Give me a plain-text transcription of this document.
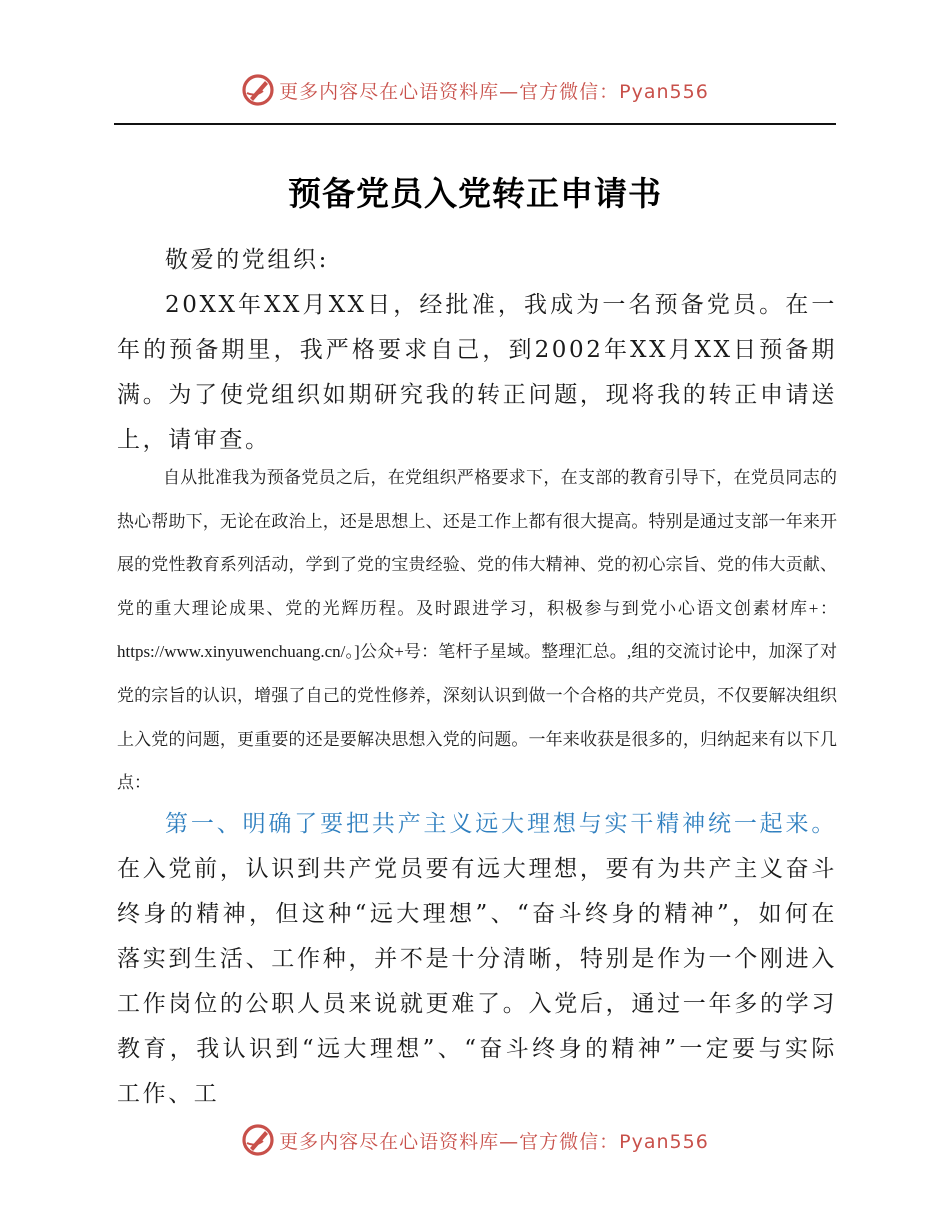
更多内容尽在心语资料库—官方微信：Pyan556
预备党员入党转正申请书

敬爱的党组织:

20XX年XX月XX日，经批准，我成为一名预备党员。在一年的预备期里，我严格要求自己，到2002年XX月XX日预备期满。为了使党组织如期研究我的转正问题，现将我的转正申请送上，请审查。

自从批准我为预备党员之后，在党组织严格要求下，在支部的教育引导下，在党员同志的热心帮助下，无论在政治上，还是思想上、还是工作上都有很大提高。特别是通过支部一年来开展的党性教育系列活动，学到了党的宝贵经验、党的伟大精神、党的初心宗旨、党的伟大贡献、党的重大理论成果、党的光辉历程。及时跟进学习，积极参与到党小心语文创素材库+：https://www.xinyuwenchuang.cn/。]公众+号：笔杆子星域。整理汇总。,组的交流讨论中，加深了对党的宗旨的认识，增强了自己的党性修养，深刻认识到做一个合格的共产党员，不仅要解决组织上入党的问题，更重要的还是要解决思想入党的问题。一年来收获是很多的，归纳起来有以下几点：

第一、明确了要把共产主义远大理想与实干精神统一起来。在入党前，认识到共产党员要有远大理想，要有为共产主义奋斗终身的精神，但这种“远大理想”、“奋斗终身的精神”，如何在落实到生活、工作种，并不是十分清晰，特别是作为一个刚进入工作岗位的公职人员来说就更难了。入党后，通过一年多的学习教育，我认识到“远大理想”、“奋斗终身的精神”一定要与实际工作、工

更多内容尽在心语资料库—官方微信：Pyan556
